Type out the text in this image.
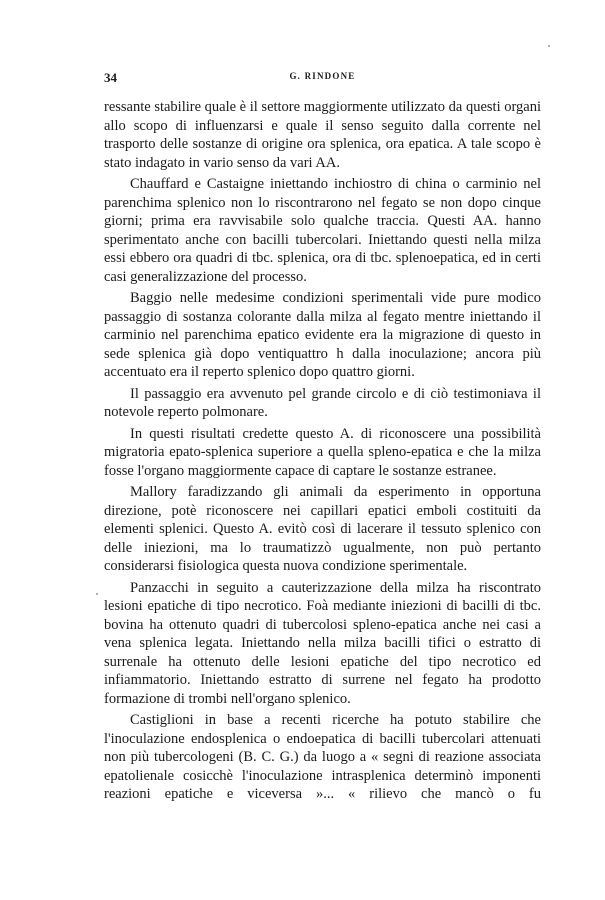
34	G. RINDONE

ressante stabilire quale è il settore maggiormente utilizzato da questi organi allo scopo di influenzarsi e quale il senso seguito dalla corrente nel trasporto delle sostanze di origine ora splenica, ora epatica. A tale scopo è stato indagato in vario senso da vari AA.

Chauffard e Castaigne iniettando inchiostro di china o carminio nel parenchima splenico non lo riscontrarono nel fegato se non dopo cinque giorni; prima era ravvisabile solo qualche traccia. Questi AA. hanno sperimentato anche con bacilli tubercolari. Iniettando questi nella milza essi ebbero ora quadri di tbc. splenica, ora di tbc. splenoepatica, ed in certi casi generalizzazione del processo.

Baggio nelle medesime condizioni sperimentali vide pure modico passaggio di sostanza colorante dalla milza al fegato mentre iniettando il carminio nel parenchima epatico evidente era la migrazione di questo in sede splenica già dopo ventiquattro h dalla inoculazione; ancora più accentuato era il reperto splenico dopo quattro giorni.

Il passaggio era avvenuto pel grande circolo e di ciò testimoniava il notevole reperto polmonare.

In questi risultati credette questo A. di riconoscere una possibilità migratoria epato-splenica superiore a quella spleno-epatica e che la milza fosse l'organo maggiormente capace di captare le sostanze estranee.

Mallory faradizzando gli animali da esperimento in opportuna direzione, potè riconoscere nei capillari epatici emboli costituiti da elementi splenici. Questo A. evitò così di lacerare il tessuto splenico con delle iniezioni, ma lo traumatizzò ugualmente, non può pertanto considerarsi fisiologica questa nuova condizione sperimentale.

Panzacchi in seguito a cauterizzazione della milza ha riscontrato lesioni epatiche di tipo necrotico. Foà mediante iniezioni di bacilli di tbc. bovina ha ottenuto quadri di tubercolosi spleno-epatica anche nei casi a vena splenica legata. Iniettando nella milza bacilli tifici o estratto di surrenale ha ottenuto delle lesioni epatiche del tipo necrotico ed infiammatorio. Iniettando estratto di surrene nel fegato ha prodotto formazione di trombi nell'organo splenico.

Castiglioni in base a recenti ricerche ha potuto stabilire che l'inoculazione endosplenica o endoepatica di bacilli tubercolari attenuati non più tubercologeni (B. C. G.) da luogo a « segni di reazione associata epatolienale cosicchè l'inoculazione intrasplenica determinò imponenti reazioni epatiche e viceversa »... « rilievo che mancò o fu
